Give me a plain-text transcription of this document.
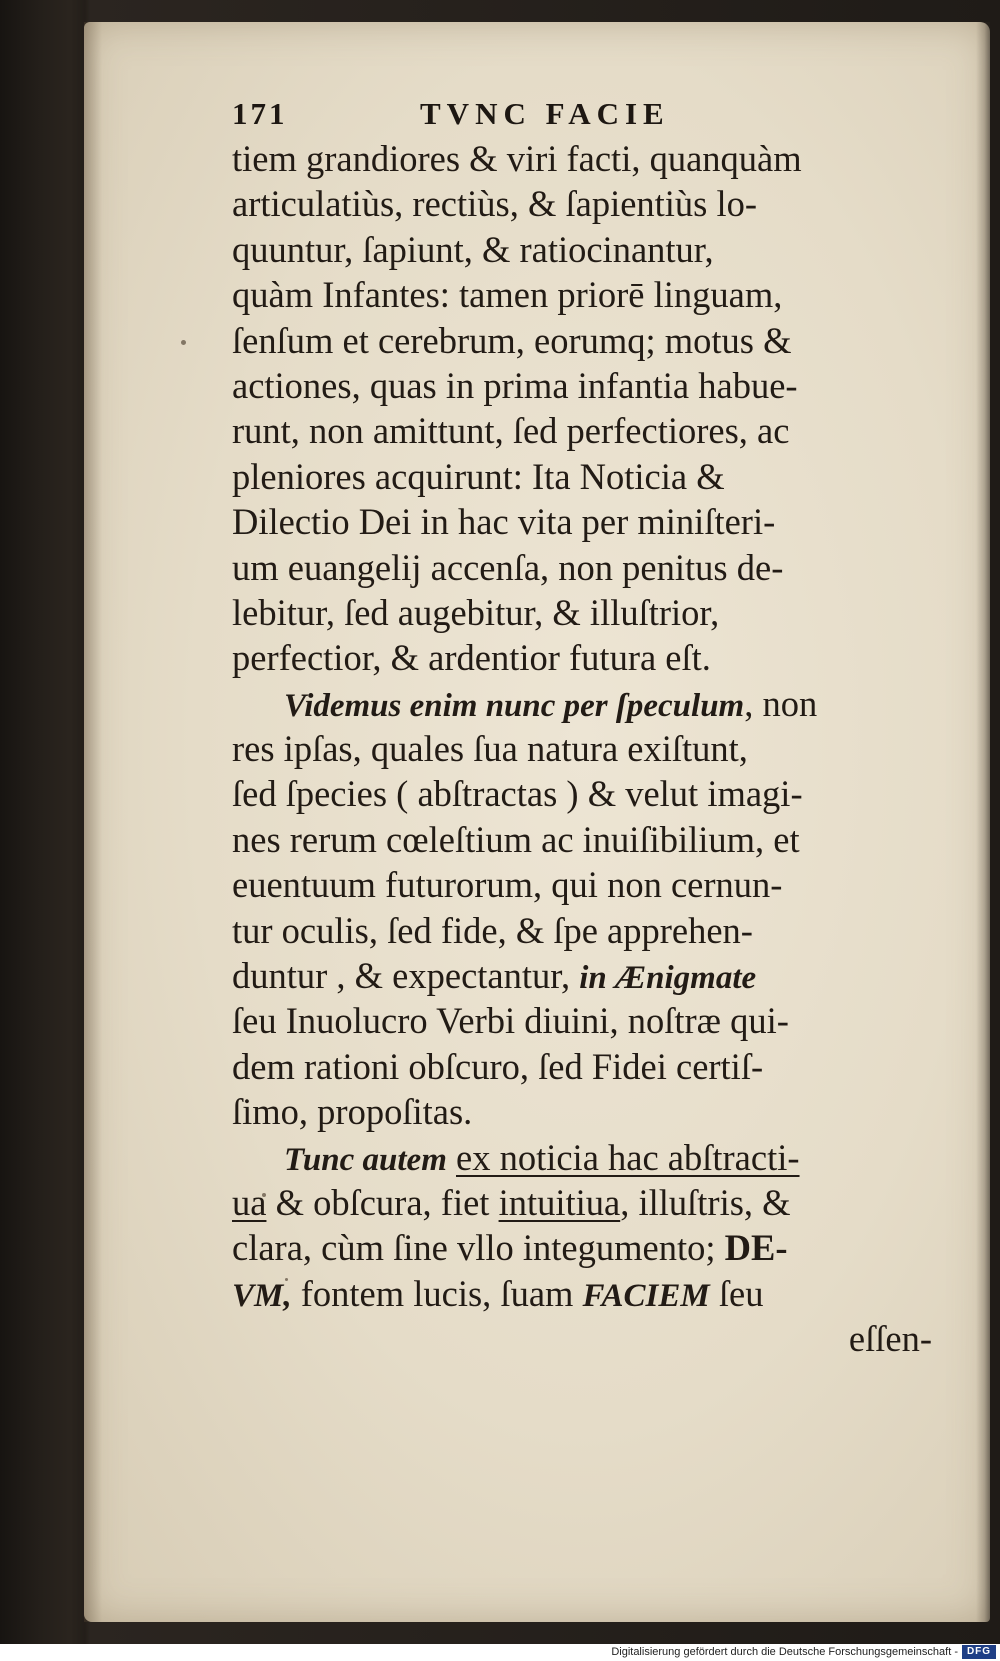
171	TVNC FACIE
tiem grandiores & viri facti, quanquàm
articulatiùs, rectiùs, & ſapientiùs lo-
quuntur, ſapiunt, & ratiocinantur,
quàm Infantes: tamen priorē linguam,
ſenſum et cerebrum, eorumq; motus &
actiones, quas in prima infantia habue-
runt, non amittunt, ſed perfectiores, ac
pleniores acquirunt: Ita Noticia &
Dilectio Dei in hac vita per miniſteri-
um euangelij accenſa, non penitus de-
lebitur, ſed augebitur, & illuſtrior,
perfectior, & ardentior futura eſt.
Videmus enim nunc per ſpeculum, non
res ipſas, quales ſua natura exiſtunt,
ſed ſpecies ( abſtractas ) & velut imagi-
nes rerum cœleſtium ac inuiſibilium, et
euentuum futurorum, qui non cernun-
tur oculis, ſed fide, & ſpe apprehen-
duntur , & expectantur, in Ænigmate
ſeu Inuolucro Verbi diuini, noſtræ qui-
dem rationi obſcuro, ſed Fidei certiſ-
ſimo, propoſitas.
Tunc autem ex noticia hac abſtracti-
ua & obſcura, fiet intuitiua, illuſtris, &
clara, cùm ſine vllo integumento; DE-
VM, fontem lucis, ſuam FACIEM ſeu
eſſen-
Digitalisierung gefördert durch die Deutsche Forschungsgemeinschaft - DFG
